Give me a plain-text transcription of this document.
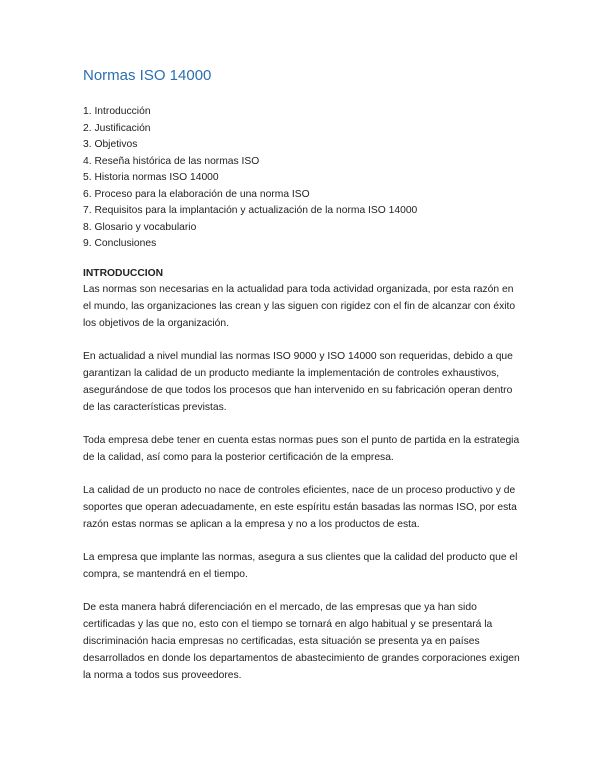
Normas ISO 14000
1. Introducción
2. Justificación
3. Objetivos
4. Reseña histórica de las normas ISO
5. Historia normas ISO 14000
6. Proceso para la elaboración de una norma ISO
7. Requisitos para la implantación y actualización de la norma ISO 14000
8. Glosario y vocabulario
9. Conclusiones
INTRODUCCION

Las normas son necesarias en la actualidad para toda actividad organizada, por esta razón en el mundo, las organizaciones las crean y las siguen con rigidez con el fin de alcanzar con éxito los objetivos de la organización.

En actualidad a nivel mundial las normas ISO 9000 y ISO 14000 son requeridas, debido a que garantizan la calidad de un producto mediante la implementación de controles exhaustivos, asegurándose de que todos los procesos que han intervenido en su fabricación operan dentro de las características previstas.

Toda empresa debe tener en cuenta estas normas pues son el punto de partida en la estrategia de la calidad, así como para la posterior certificación de la empresa.

La calidad de un producto no nace de controles eficientes, nace de un proceso productivo y de soportes que operan adecuadamente, en este espíritu están basadas las normas ISO, por esta razón estas normas se aplican a la empresa y no a los productos de esta.

La empresa que implante las normas, asegura a sus clientes que la calidad del producto que el compra, se mantendrá en el tiempo.

De esta manera habrá diferenciación en el mercado, de las empresas que ya han sido certificadas y las que no, esto con el tiempo se tornará en algo habitual y se presentará la discriminación hacia empresas no certificadas, esta situación se presenta ya en países desarrollados en donde los departamentos de abastecimiento de grandes corporaciones exigen la norma a todos sus proveedores.
